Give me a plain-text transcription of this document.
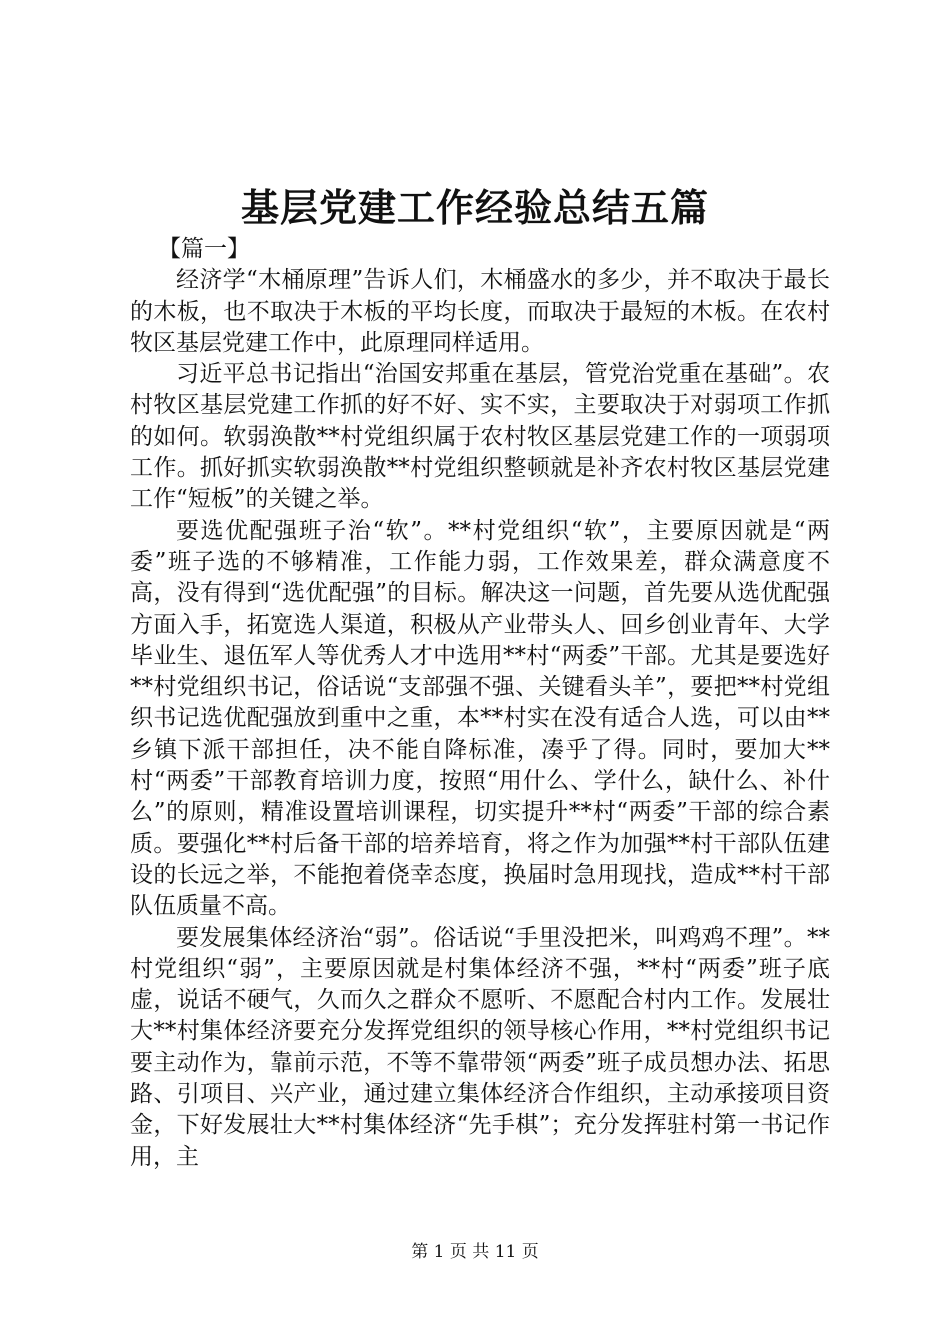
基层党建工作经验总结五篇

【篇一】

经济学“木桶原理”告诉人们，木桶盛水的多少，并不取决于最长的木板，也不取决于木板的平均长度，而取决于最短的木板。在农村牧区基层党建工作中，此原理同样适用。

习近平总书记指出“治国安邦重在基层，管党治党重在基础”。农村牧区基层党建工作抓的好不好、实不实，主要取决于对弱项工作抓的如何。软弱涣散**村党组织属于农村牧区基层党建工作的一项弱项工作。抓好抓实软弱涣散**村党组织整顿就是补齐农村牧区基层党建工作“短板”的关键之举。

要选优配强班子治“软”。**村党组织“软”，主要原因就是“两委”班子选的不够精准，工作能力弱，工作效果差，群众满意度不高，没有得到“选优配强”的目标。解决这一问题，首先要从选优配强方面入手，拓宽选人渠道，积极从产业带头人、回乡创业青年、大学毕业生、退伍军人等优秀人才中选用**村“两委”干部。尤其是要选好**村党组织书记，俗话说“支部强不强、关键看头羊”，要把**村党组织书记选优配强放到重中之重，本**村实在没有适合人选，可以由**乡镇下派干部担任，决不能自降标准，凑乎了得。同时，要加大**村“两委”干部教育培训力度，按照“用什么、学什么，缺什么、补什么”的原则，精准设置培训课程，切实提升**村“两委”干部的综合素质。要强化**村后备干部的培养培育，将之作为加强**村干部队伍建设的长远之举，不能抱着侥幸态度，换届时急用现找，造成**村干部队伍质量不高。

要发展集体经济治“弱”。俗话说“手里没把米，叫鸡鸡不理”。**村党组织“弱”，主要原因就是村集体经济不强，**村“两委”班子底虚，说话不硬气，久而久之群众不愿听、不愿配合村内工作。发展壮大**村集体经济要充分发挥党组织的领导核心作用，**村党组织书记要主动作为，靠前示范，不等不靠带领“两委”班子成员想办法、拓思路、引项目、兴产业，通过建立集体经济合作组织，主动承接项目资金，下好发展壮大**村集体经济“先手棋”；充分发挥驻村第一书记作用，主

第 1 页 共 11 页
